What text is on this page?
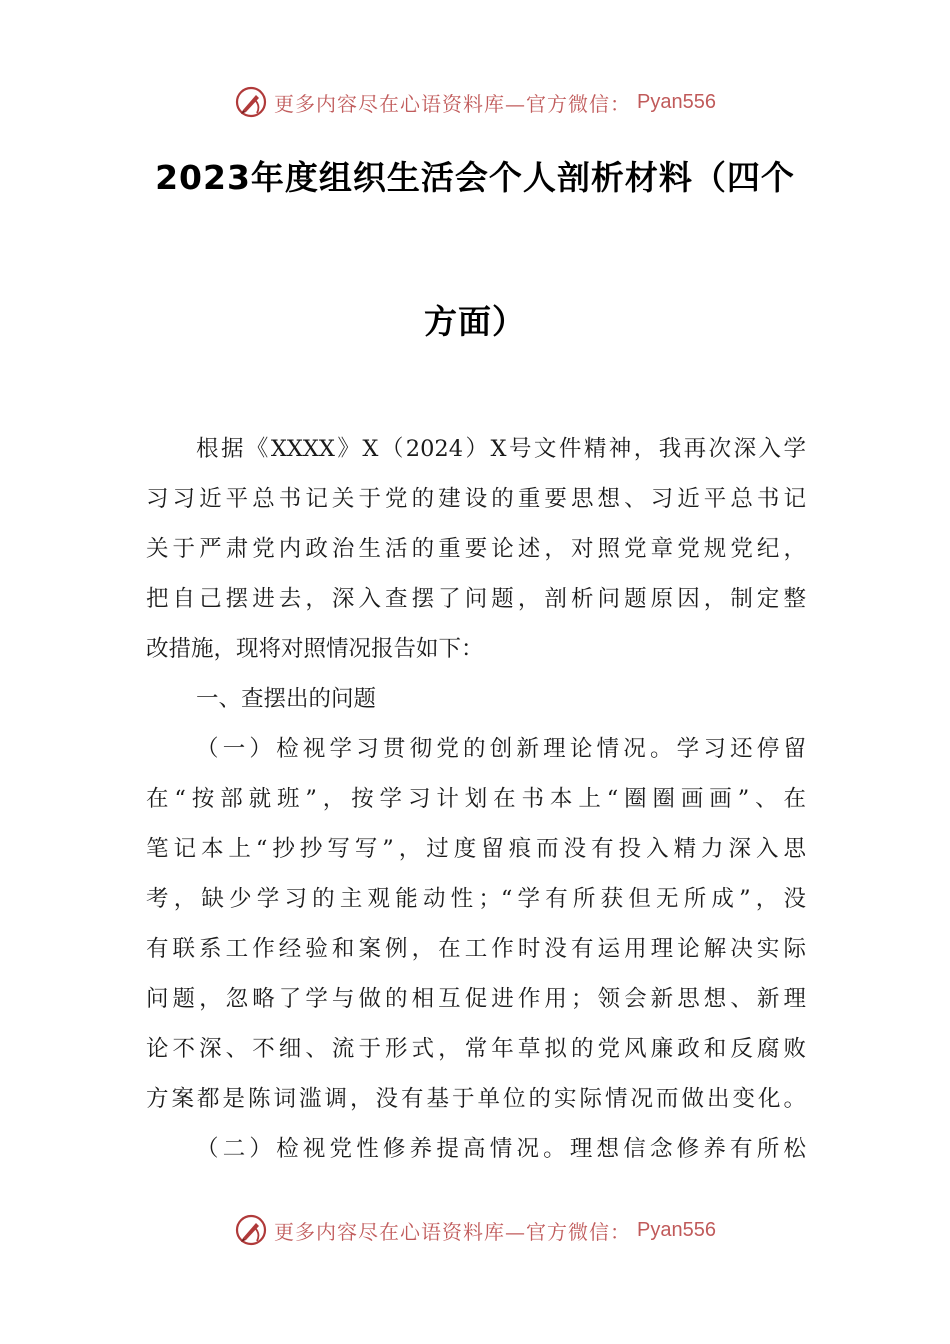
更多内容尽在心语资料库—官方微信： Pyan556
2023年度组织生活会个人剖析材料（四个
方面）
根据《XXXX》X（2024）X号文件精神，我再次深入学
习习近平总书记关于党的建设的重要思想、习近平总书记
关于严肃党内政治生活的重要论述，对照党章党规党纪，
把自己摆进去，深入查摆了问题，剖析问题原因，制定整
改措施，现将对照情况报告如下：
一、查摆出的问题
（一）检视学习贯彻党的创新理论情况。学习还停留
在“按部就班”，按学习计划在书本上“圈圈画画”、在
笔记本上“抄抄写写”，过度留痕而没有投入精力深入思
考，缺少学习的主观能动性；“学有所获但无所成”，没
有联系工作经验和案例，在工作时没有运用理论解决实际
问题，忽略了学与做的相互促进作用；领会新思想、新理
论不深、不细、流于形式，常年草拟的党风廉政和反腐败
方案都是陈词滥调，没有基于单位的实际情况而做出变化。
（二）检视党性修养提高情况。理想信念修养有所松
更多内容尽在心语资料库—官方微信： Pyan556
